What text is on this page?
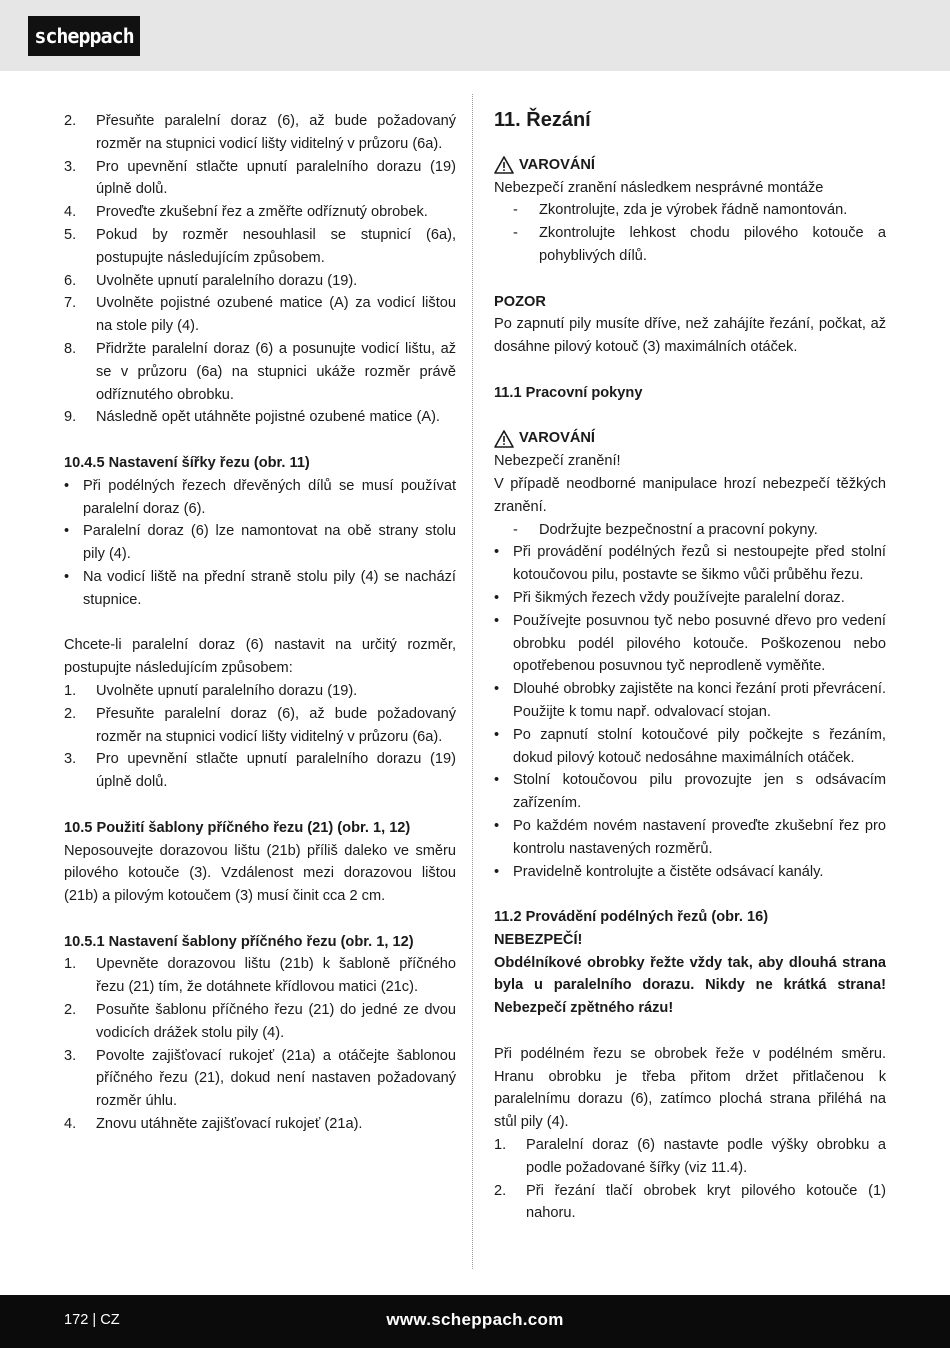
scheppach
2.	Přesuňte paralelní doraz (6), až bude požadovaný rozměr na stupnici vodicí lišty viditelný v průzoru (6a).
3.	Pro upevnění stlačte upnutí paralelního dorazu (19) úplně dolů.
4.	Proveďte zkušební řez a změřte odříznutý obrobek.
5.	Pokud by rozměr nesouhlasil se stupnicí (6a), postupujte následujícím způsobem.
6.	Uvolněte upnutí paralelního dorazu (19).
7.	Uvolněte pojistné ozubené matice (A) za vodicí lištou na stole pily (4).
8.	Přidržte paralelní doraz (6) a posunujte vodicí lištu, až se v průzoru (6a) na stupnici ukáže rozměr právě odříznutého obrobku.
9.	Následně opět utáhněte pojistné ozubené matice (A).

10.4.5 Nastavení šířky řezu (obr. 11)

• Při podélných řezech dřevěných dílů se musí používat paralelní doraz (6).
• Paralelní doraz (6) lze namontovat na obě strany stolu pily (4).
• Na vodicí liště na přední straně stolu pily (4) se nachází stupnice.

Chcete-li paralelní doraz (6) nastavit na určitý rozměr, postupujte následujícím způsobem:

1.	Uvolněte upnutí paralelního dorazu (19).
2.	Přesuňte paralelní doraz (6), až bude požadovaný rozměr na stupnici vodicí lišty viditelný v průzoru (6a).
3.	Pro upevnění stlačte upnutí paralelního dorazu (19) úplně dolů.

10.5 Použití šablony příčného řezu (21) (obr. 1, 12)

Neposouvejte dorazovou lištu (21b) příliš daleko ve směru pilového kotouče (3). Vzdálenost mezi dorazovou lištou (21b) a pilovým kotoučem (3) musí činit cca 2 cm.

10.5.1 Nastavení šablony příčného řezu (obr. 1, 12)

1.	Upevněte dorazovou lištu (21b) k šabloně příčného řezu (21) tím, že dotáhnete křídlovou matici (21c).
2.	Posuňte šablonu příčného řezu (21) do jedné ze dvou vodicích drážek stolu pily (4).
3.	Povolte zajišťovací rukojeť (21a) a otáčejte šablonou příčného řezu (21), dokud není nastaven požadovaný rozměr úhlu.
4.	Znovu utáhněte zajišťovací rukojeť (21a).

11. Řezání

VAROVÁNÍ

Nebezpečí zranění následkem nesprávné montáže

-	Zkontrolujte, zda je výrobek řádně namontován.
-	Zkontrolujte lehkost chodu pilového kotouče a pohyblivých dílů.

POZOR

Po zapnutí pily musíte dříve, než zahájíte řezání, počkat, až dosáhne pilový kotouč (3) maximálních otáček.

11.1 Pracovní pokyny

VAROVÁNÍ

Nebezpečí zranění!

V případě neodborné manipulace hrozí nebezpečí těžkých zranění.

-	Dodržujte bezpečnostní a pracovní pokyny.
• Při provádění podélných řezů si nestoupejte před stolní kotoučovou pilu, postavte se šikmo vůči průběhu řezu.
• Při šikmých řezech vždy používejte paralelní doraz.
• Používejte posuvnou tyč nebo posuvné dřevo pro vedení obrobku podél pilového kotouče. Poškozenou nebo opotřebenou posuvnou tyč neprodleně vyměňte.
• Dlouhé obrobky zajistěte na konci řezání proti převrácení. Použijte k tomu např. odvalovací stojan.
• Po zapnutí stolní kotoučové pily počkejte s řezáním, dokud pilový kotouč nedosáhne maximálních otáček.
• Stolní kotoučovou pilu provozujte jen s odsávacím zařízením.
• Po každém novém nastavení proveďte zkušební řez pro kontrolu nastavených rozměrů.
• Pravidelně kontrolujte a čistěte odsávací kanály.

11.2 Provádění podélných řezů (obr. 16)

NEBEZPEČÍ!

Obdélníkové obrobky řežte vždy tak, aby dlouhá strana byla u paralelního dorazu. Nikdy ne krátká strana! Nebezpečí zpětného rázu!

Při podélném řezu se obrobek řeže v podélném směru. Hranu obrobku je třeba přitom držet přitlačenou k paralelnímu dorazu (6), zatímco plochá strana přiléhá na stůl pily (4).

1.	Paralelní doraz (6) nastavte podle výšky obrobku a podle požadované šířky (viz 11.4).
2.	Při řezání tlačí obrobek kryt pilového kotouče (1) nahoru.
172 | CZ	www.scheppach.com
